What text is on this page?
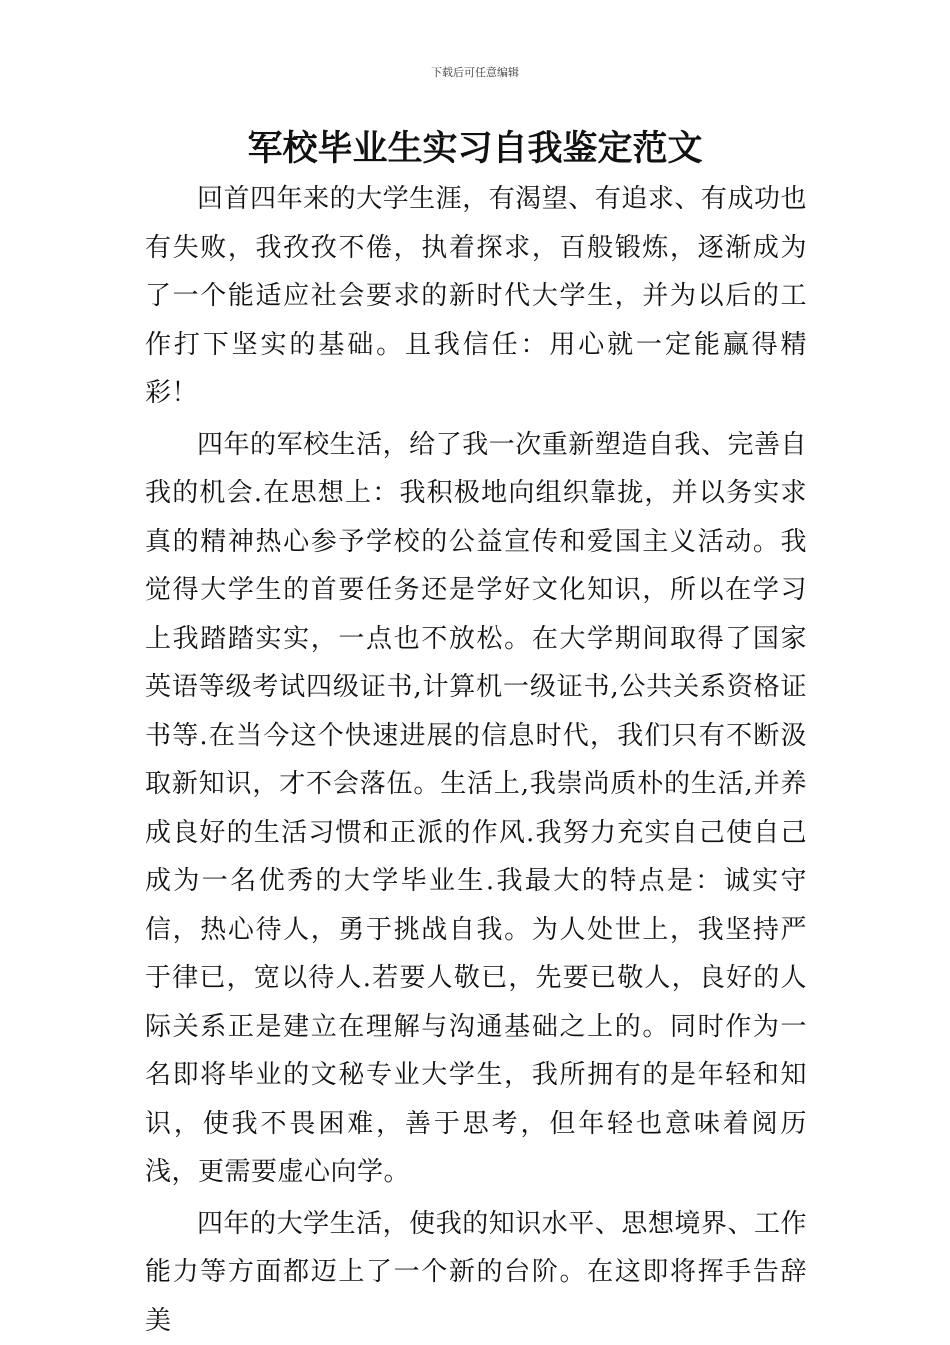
下载后可任意编辑
军校毕业生实习自我鉴定范文

回首四年来的大学生涯，有渴望、有追求、有成功也有失败，我孜孜不倦，执着探求，百般锻炼，逐渐成为了一个能适应社会要求的新时代大学生，并为以后的工作打下坚实的基础。且我信任：用心就一定能赢得精彩！

四年的军校生活，给了我一次重新塑造自我、完善自我的机会.在思想上：我积极地向组织靠拢，并以务实求真的精神热心参予学校的公益宣传和爱国主义活动。我觉得大学生的首要任务还是学好文化知识，所以在学习上我踏踏实实，一点也不放松。在大学期间取得了国家英语等级考试四级证书,计算机一级证书,公共关系资格证书等.在当今这个快速进展的信息时代，我们只有不断汲取新知识，才不会落伍。生活上,我崇尚质朴的生活,并养成良好的生活习惯和正派的作风.我努力充实自己使自己成为一名优秀的大学毕业生.我最大的特点是：诚实守信，热心待人，勇于挑战自我。为人处世上，我坚持严于律已，宽以待人.若要人敬已，先要已敬人，良好的人际关系正是建立在理解与沟通基础之上的。同时作为一名即将毕业的文秘专业大学生，我所拥有的是年轻和知识，使我不畏困难，善于思考，但年轻也意味着阅历浅，更需要虚心向学。

四年的大学生活，使我的知识水平、思想境界、工作能力等方面都迈上了一个新的台阶。在这即将挥手告辞美
